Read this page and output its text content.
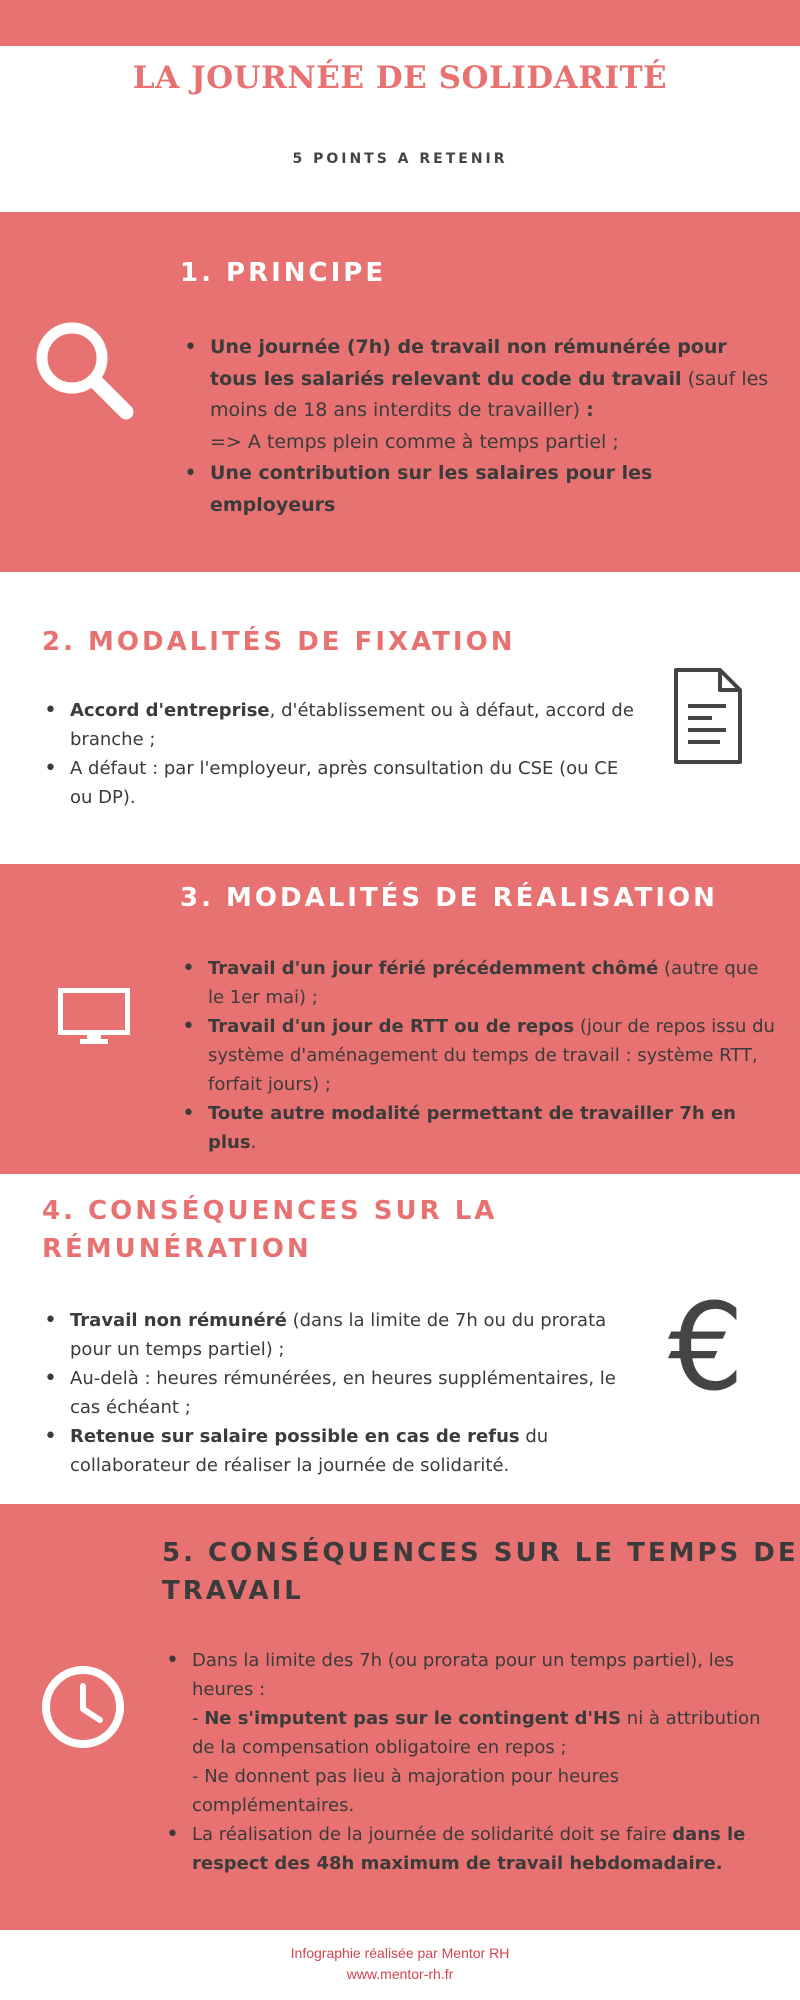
LA JOURNÉE DE SOLIDARITÉ
5 POINTS A RETENIR
1. PRINCIPE
• Une journée (7h) de travail non rémunérée pour tous les salariés relevant du code du travail (sauf les moins de 18 ans interdits de travailler) :
=> A temps plein comme à temps partiel ;
• Une contribution sur les salaires pour les employeurs
2. MODALITÉS DE FIXATION
• Accord d'entreprise, d'établissement ou à défaut, accord de branche ;
• A défaut : par l'employeur, après consultation du CSE (ou CE ou DP).
3. MODALITÉS DE RÉALISATION
• Travail d'un jour férié précédemment chômé (autre que le 1er mai) ;
• Travail d'un jour de RTT ou de repos (jour de repos issu du système d'aménagement du temps de travail : système RTT, forfait jours) ;
• Toute autre modalité permettant de travailler 7h en plus.
4. CONSÉQUENCES SUR LA
RÉMUNÉRATION
€
• Travail non rémunéré (dans la limite de 7h ou du prorata pour un temps partiel) ;
• Au-delà : heures rémunérées, en heures supplémentaires, le cas échéant ;
• Retenue sur salaire possible en cas de refus du collaborateur de réaliser la journée de solidarité.
5. CONSÉQUENCES SUR LE TEMPS DE
TRAVAIL
• Dans la limite des 7h (ou prorata pour un temps partiel), les heures :
- Ne s'imputent pas sur le contingent d'HS ni à attribution de la compensation obligatoire en repos ;
- Ne donnent pas lieu à majoration pour heures complémentaires.
• La réalisation de la journée de solidarité doit se faire dans le respect des 48h maximum de travail hebdomadaire.
Infographie réalisée par Mentor RH
www.mentor-rh.fr
